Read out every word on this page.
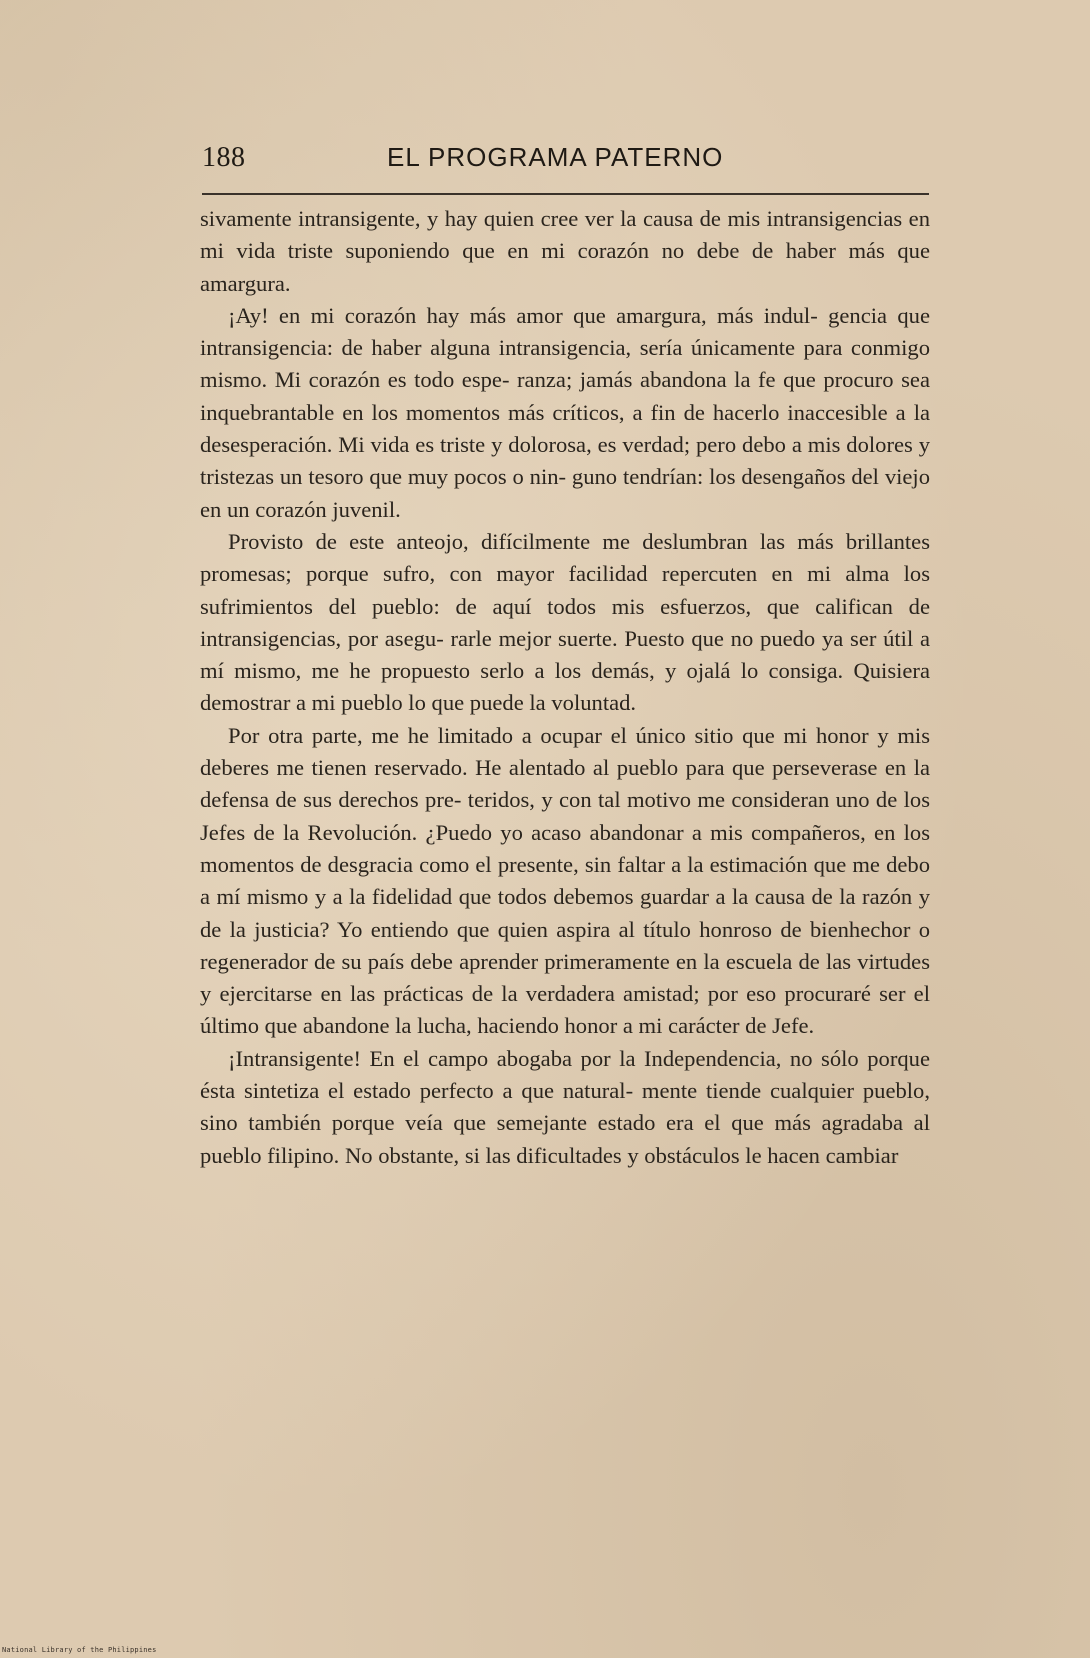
188	EL PROGRAMA PATERNO

sivamente intransigente, y hay quien cree ver la causa de mis intransigencias en mi vida triste suponiendo que en mi corazón no debe de haber más que amargura.

¡Ay! en mi corazón hay más amor que amargura, más indul- gencia que intransigencia: de haber alguna intransigencia, sería únicamente para conmigo mismo. Mi corazón es todo espe- ranza; jamás abandona la fe que procuro sea inquebrantable en los momentos más críticos, a fin de hacerlo inaccesible a la desesperación. Mi vida es triste y dolorosa, es verdad; pero debo a mis dolores y tristezas un tesoro que muy pocos o nin- guno tendrían: los desengaños del viejo en un corazón juvenil.

Provisto de este anteojo, difícilmente me deslumbran las más brillantes promesas; porque sufro, con mayor facilidad repercuten en mi alma los sufrimientos del pueblo: de aquí todos mis esfuerzos, que califican de intransigencias, por asegu- rarle mejor suerte. Puesto que no puedo ya ser útil a mí mismo, me he propuesto serlo a los demás, y ojalá lo consiga. Quisiera demostrar a mi pueblo lo que puede la voluntad.

Por otra parte, me he limitado a ocupar el único sitio que mi honor y mis deberes me tienen reservado. He alentado al pueblo para que perseverase en la defensa de sus derechos pre- teridos, y con tal motivo me consideran uno de los Jefes de la Revolución. ¿Puedo yo acaso abandonar a mis compañeros, en los momentos de desgracia como el presente, sin faltar a la estimación que me debo a mí mismo y a la fidelidad que todos debemos guardar a la causa de la razón y de la justicia? Yo entiendo que quien aspira al título honroso de bienhechor o regenerador de su país debe aprender primeramente en la escuela de las virtudes y ejercitarse en las prácticas de la verdadera amistad; por eso procuraré ser el último que abandone la lucha, haciendo honor a mi carácter de Jefe.

¡Intransigente! En el campo abogaba por la Independencia, no sólo porque ésta sintetiza el estado perfecto a que natural- mente tiende cualquier pueblo, sino también porque veía que semejante estado era el que más agradaba al pueblo filipino. No obstante, si las dificultades y obstáculos le hacen cambiar

National Library of the Philippines
